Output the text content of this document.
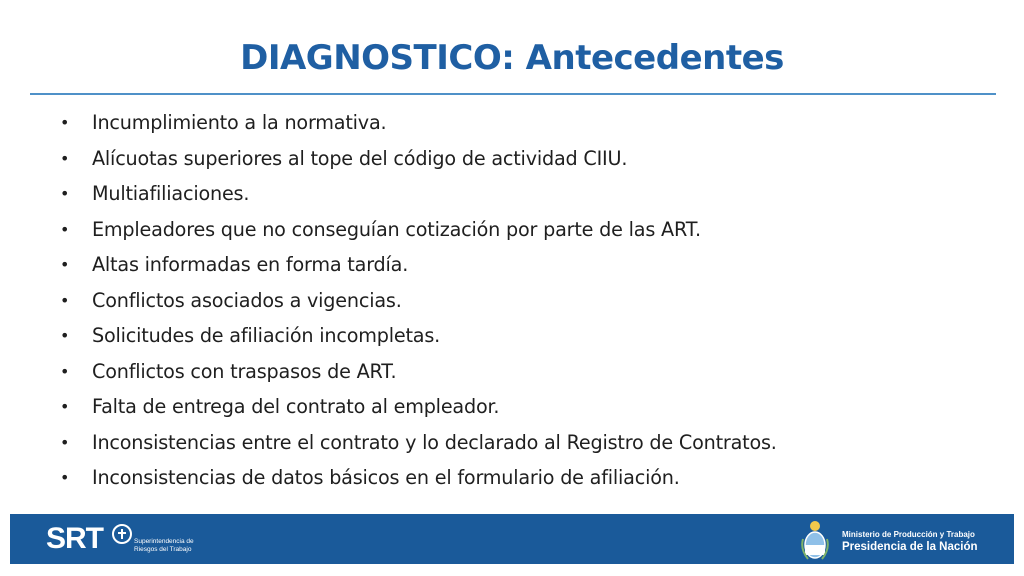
DIAGNOSTICO: Antecedentes
•	Incumplimiento a la normativa.
•	Alícuotas superiores al tope del código de actividad CIIU.
•	Multiafiliaciones.
•	Empleadores que no conseguían cotización por parte de las ART.
•	Altas informadas en forma tardía.
•	Conflictos asociados a vigencias.
•	Solicitudes de afiliación incompletas.
•	Conflictos con traspasos de ART.
•	Falta de entrega del contrato al empleador.
•	Inconsistencias entre el contrato y lo declarado al Registro de Contratos.
•	Inconsistencias de datos básicos en el formulario de afiliación.
SRT	Superintendencia de
Riesgos del Trabajo
Ministerio de Producción y Trabajo
Presidencia de la Nación
